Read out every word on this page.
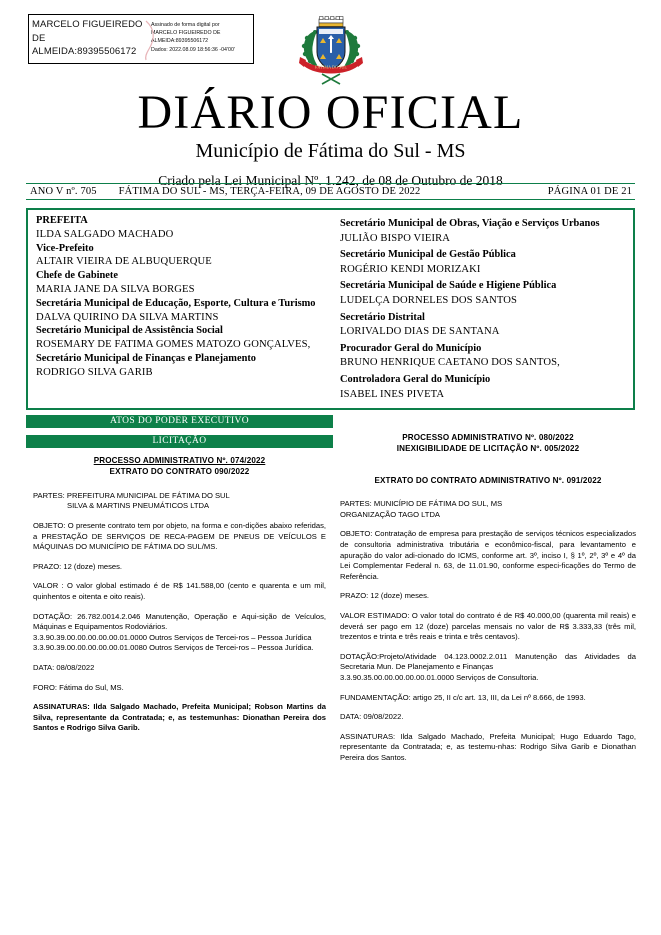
MARCELO FIGUEIREDO DE ALMEIDA:89395506172
Assinado de forma digital por
MARCELO FIGUEIREDO DE
ALMEIDA:89395506172
Dados: 2022.08.09 18:56:36 -04'00'
FÁTIMA DO SUL
DIÁRIO OFICIAL
Município de Fátima do Sul - MS
Criado pela Lei Municipal Nº. 1.242, de 08 de Outubro de 2018
ANO V nº. 705	FÁTIMA DO SUL - MS, TERÇA-FEIRA, 09 DE AGOSTO DE 2022	PÁGINA 01 DE 21
PREFEITA
ILDA SALGADO MACHADO
Vice-Prefeito
ALTAIR VIEIRA DE ALBUQUERQUE
Chefe de Gabinete
MARIA JANE DA SILVA BORGES
Secretária Municipal de Educação, Esporte, Cultura e Turismo
DALVA QUIRINO DA SILVA MARTINS
Secretário Municipal de Assistência Social
ROSEMARY DE FATIMA GOMES MATOZO GONÇALVES,
Secretário Municipal de Finanças e Planejamento
RODRIGO SILVA GARIB
Secretário Municipal de Obras, Viação e Serviços Urbanos
JULIÃO BISPO VIEIRA
Secretário Municipal de Gestão Pública
ROGÉRIO KENDI MORIZAKI
Secretária Municipal de Saúde e Higiene Pública
LUDELÇA DORNELES DOS SANTOS
Secretário Distrital
LORIVALDO DIAS DE SANTANA
Procurador Geral do Município
BRUNO HENRIQUE CAETANO DOS SANTOS,
Controladora Geral do Município
ISABEL INES PIVETA
ATOS DO PODER EXECUTIVO
LICITAÇÃO
PROCESSO ADMINISTRATIVO Nº. 074/2022
EXTRATO DO CONTRATO 090/2022
PARTES: PREFEITURA MUNICIPAL DE FÁTIMA DO SUL
SILVA & MARTINS PNEUMÁTICOS LTDA
OBJETO: O presente contrato tem por objeto, na forma e con-dições abaixo referidas, a PRESTAÇÃO DE SERVIÇOS DE RECA-PAGEM DE PNEUS DE VEÍCULOS E MÁQUINAS DO MUNICÍPIO DE FÁTIMA DO SUL/MS.
PRAZO: 12 (doze) meses.
VALOR : O valor global estimado é de R$ 141.588,00 (cento e quarenta e um mil, quinhentos e oitenta e oito reais).
DOTAÇÃO: 26.782.0014.2.046 Manutenção, Operação e Aqui-sição de Veículos, Máquinas e Equipamentos Rodoviários.
3.3.90.39.00.00.00.00.00.01.0000 Outros Serviços de Tercei-ros – Pessoa Jurídica
3.3.90.39.00.00.00.00.00.01.0080 Outros Serviços de Tercei-ros – Pessoa Jurídica.
DATA: 08/08/2022
FORO: Fátima do Sul, MS.
ASSINATURAS: Ilda Salgado Machado, Prefeita Municipal; Robson Martins da Silva, representante da Contratada; e, as testemunhas: Dionathan Pereira dos Santos e Rodrigo Silva Garib.
PROCESSO ADMINISTRATIVO Nº. 080/2022
INEXIGIBILIDADE DE LICITAÇÃO Nº. 005/2022
EXTRATO DO CONTRATO ADMINISTRATIVO Nº. 091/2022
PARTES: MUNICÍPIO DE FÁTIMA DO SUL, MS
ORGANIZAÇÃO TAGO LTDA
OBJETO: Contratação de empresa para prestação de serviços técnicos especializados de consultoria administrativa tributária e econômico-fiscal, para levantamento e apuração do valor adi-cionado do ICMS, conforme art. 3º, inciso I, § 1º, 2º, 3º e 4º da Lei Complementar Federal n. 63, de 11.01.90, conforme especi-ficações do Termo de Referência.
PRAZO: 12 (doze) meses.
VALOR ESTIMADO: O valor total do contrato é de R$ 40.000,00 (quarenta mil reais) e deverá ser pago em 12 (doze) parcelas mensais no valor de R$ 3.333,33 (três mil, trezentos e trinta e três reais e trinta e três centavos).
DOTAÇÃO:Projeto/Atividade 04.123.0002.2.011 Manutenção das Atividades da Secretaria Mun. De Planejamento e Finanças
3.3.90.35.00.00.00.00.00.01.0000 Serviços de Consultoria.
FUNDAMENTAÇÃO: artigo 25, II c/c art. 13, III, da Lei nº 8.666, de 1993.
DATA: 09/08/2022.
ASSINATURAS: Ilda Salgado Machado, Prefeita Municipal; Hugo Eduardo Tago, representante da Contratada; e, as testemu-nhas: Rodrigo Silva Garib e Dionathan Pereira dos Santos.
